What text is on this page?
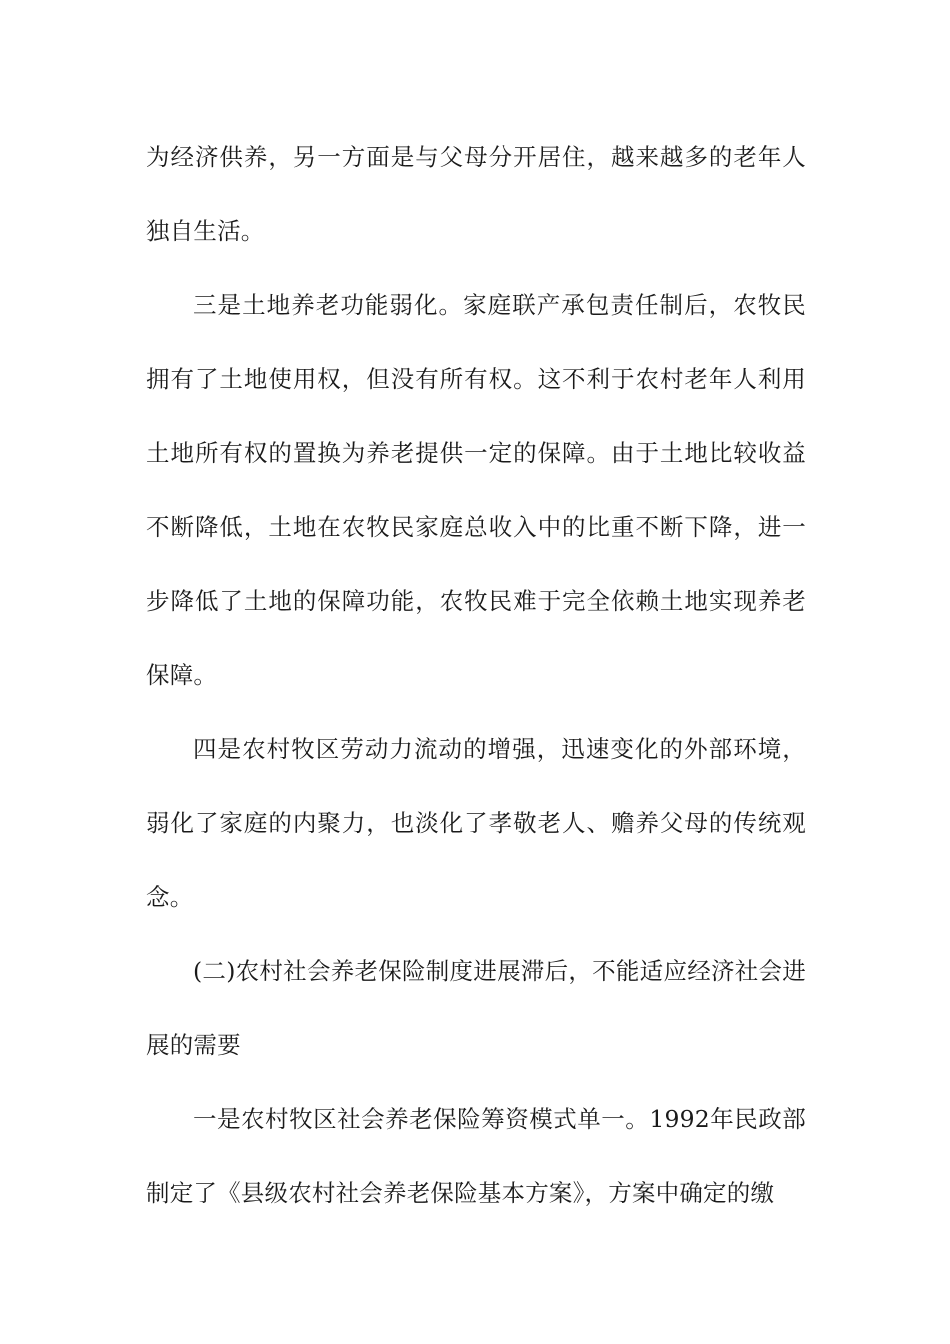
为经济供养，另一方面是与父母分开居住，越来越多的老年人独自生活。

三是土地养老功能弱化。家庭联产承包责任制后，农牧民拥有了土地使用权，但没有所有权。这不利于农村老年人利用土地所有权的置换为养老提供一定的保障。由于土地比较收益不断降低，土地在农牧民家庭总收入中的比重不断下降，进一步降低了土地的保障功能，农牧民难于完全依赖土地实现养老保障。

四是农村牧区劳动力流动的增强，迅速变化的外部环境，弱化了家庭的内聚力，也淡化了孝敬老人、赡养父母的传统观念。

(二)农村社会养老保险制度进展滞后，不能适应经济社会进展的需要

一是农村牧区社会养老保险筹资模式单一。1992年民政部制定了《县级农村社会养老保险基本方案》，方案中确定的缴
